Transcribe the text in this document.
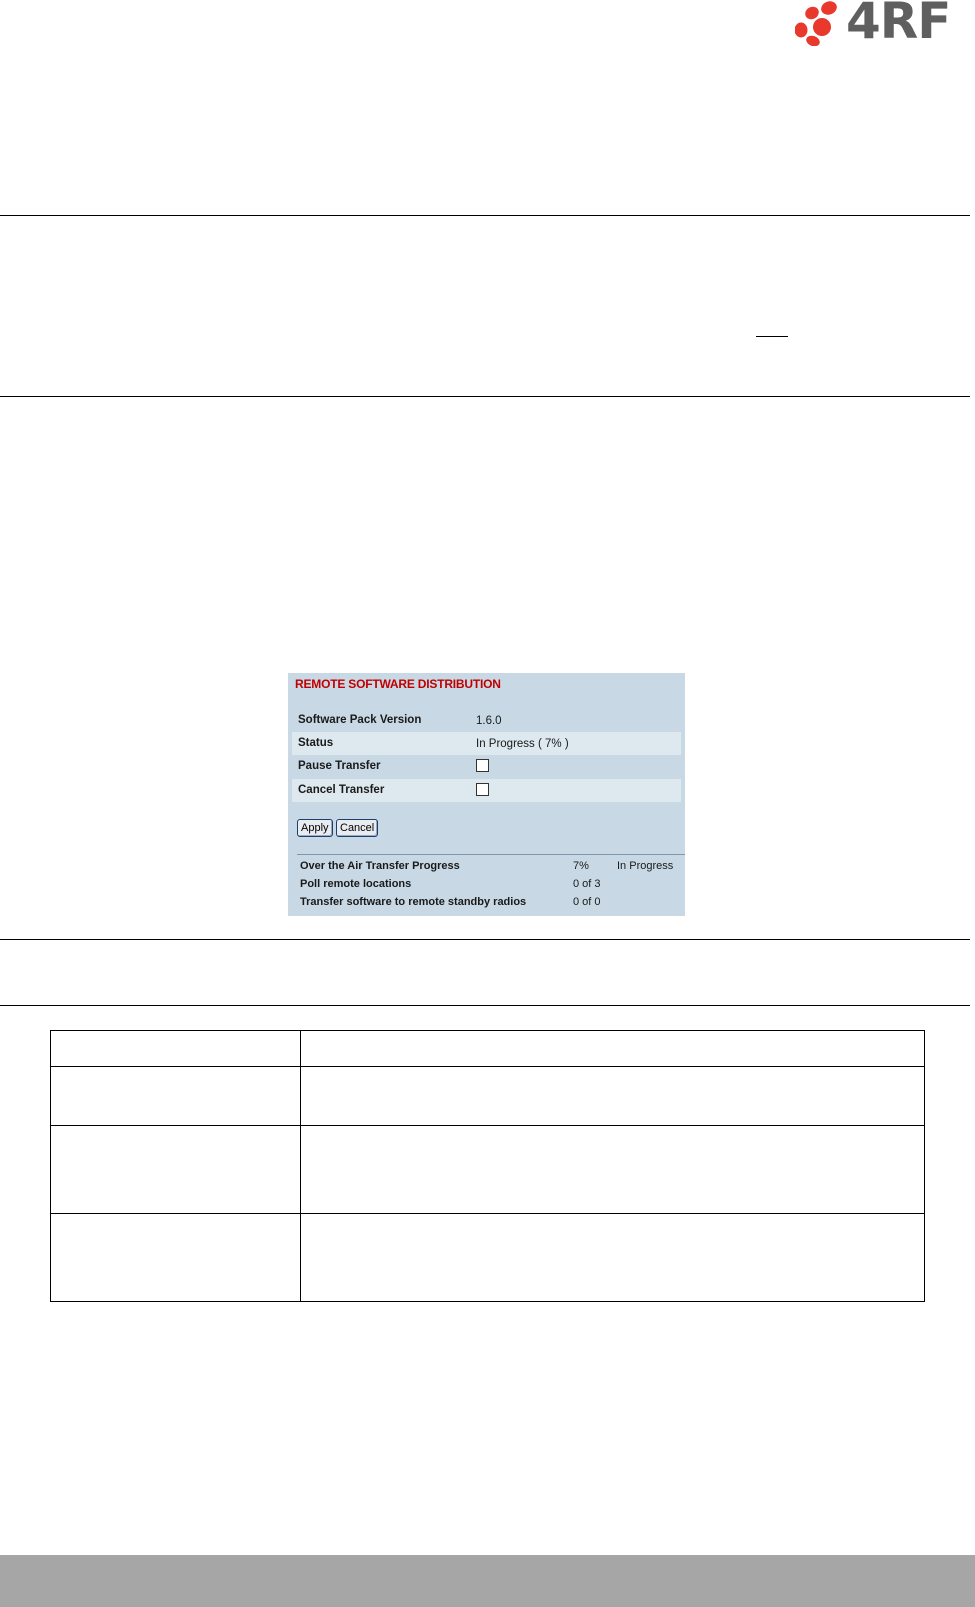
4RF
REMOTE SOFTWARE DISTRIBUTION
Software Pack Version	1.6.0
Status	In Progress ( 7% )
Pause Transfer
Cancel Transfer
Apply	Cancel
Over the Air Transfer Progress	7%	In Progress
Poll remote locations	0 of 3
Transfer software to remote standby radios	0 of 0
